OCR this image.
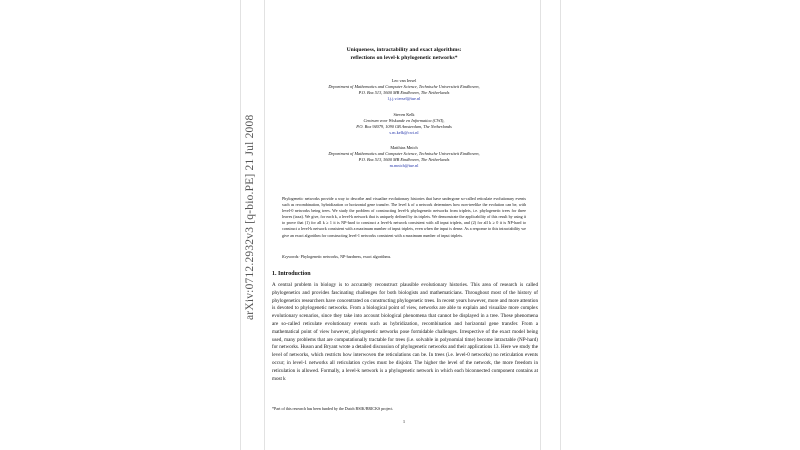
arXiv:0712.2932v3 [q-bio.PE] 21 Jul 2008
Uniqueness, intractability and exact algorithms:
reflections on level-k phylogenetic networks*
Leo van Iersel
Department of Mathematics and Computer Science, Technische Universiteit Eindhoven,
P.O. Box 513, 5600 MB Eindhoven, The Netherlands
l.j.j.v.iersel@tue.nl
Steven Kelk
Centrum voor Wiskunde en Informatica (CWI),
P.O. Box 94079, 1090 GB Amsterdam, The Netherlands
s.m.kelk@cwi.nl
Matthias Mnich
Department of Mathematics and Computer Science, Technische Universiteit Eindhoven,
P.O. Box 513, 5600 MB Eindhoven, The Netherlands
m.mnich@tue.nl
Phylogenetic networks provide a way to describe and visualize evolutionary histories that have undergone so-called reticulate evolutionary events such as recombination, hybridization or horizontal gene transfer. The level k of a network determines how non-treelike the evolution can be, with level-0 networks being trees. We study the problem of constructing level-k phylogenetic networks from triplets, i.e. phylogenetic trees for three leaves (taxa). We give, for each k, a level-k network that is uniquely defined by its triplets. We demonstrate the applicability of this result by using it to prove that (1) for all k ≥ 1 it is NP-hard to construct a level-k network consistent with all input triplets, and (2) for all k ≥ 0 it is NP-hard to construct a level-k network consistent with a maximum number of input triplets, even when the input is dense. As a response to this intractability we give an exact algorithm for constructing level-1 networks consistent with a maximum number of input triplets.
Keywords: Phylogenetic networks, NP-hardness, exact algorithms.
1. Introduction
A central problem in biology is to accurately reconstruct plausible evolutionary histories. This area of research is called phylogenetics and provides fascinating challenges for both biologists and mathematicians. Throughout most of the history of phylogenetics researchers have concentrated on constructing phylogenetic trees. In recent years however, more and more attention is devoted to phylogenetic networks. From a biological point of view, networks are able to explain and visualize more complex evolutionary scenarios, since they take into account biological phenomena that cannot be displayed in a tree. These phenomena are so-called reticulate evolutionary events such as hybridization, recombination and horizontal gene transfer. From a mathematical point of view however, phylogenetic networks pose formidable challenges. Irrespective of the exact model being used, many problems that are computationally tractable for trees (i.e. solvable in polynomial time) become intractable (NP-hard) for networks. Huson and Bryant wrote a detailed discussion of phylogenetic networks and their applications 13. Here we study the level of networks, which restricts how interwoven the reticulations can be. In trees (i.e. level-0 networks) no reticulation events occur; in level-1 networks all reticulation cycles must be disjoint. The higher the level of the network, the more freedom in reticulation is allowed. Formally, a level-k network is a phylogenetic network in which each biconnected component contains at most k
*Part of this research has been funded by the Dutch BSIK/BRICKS project.
1
